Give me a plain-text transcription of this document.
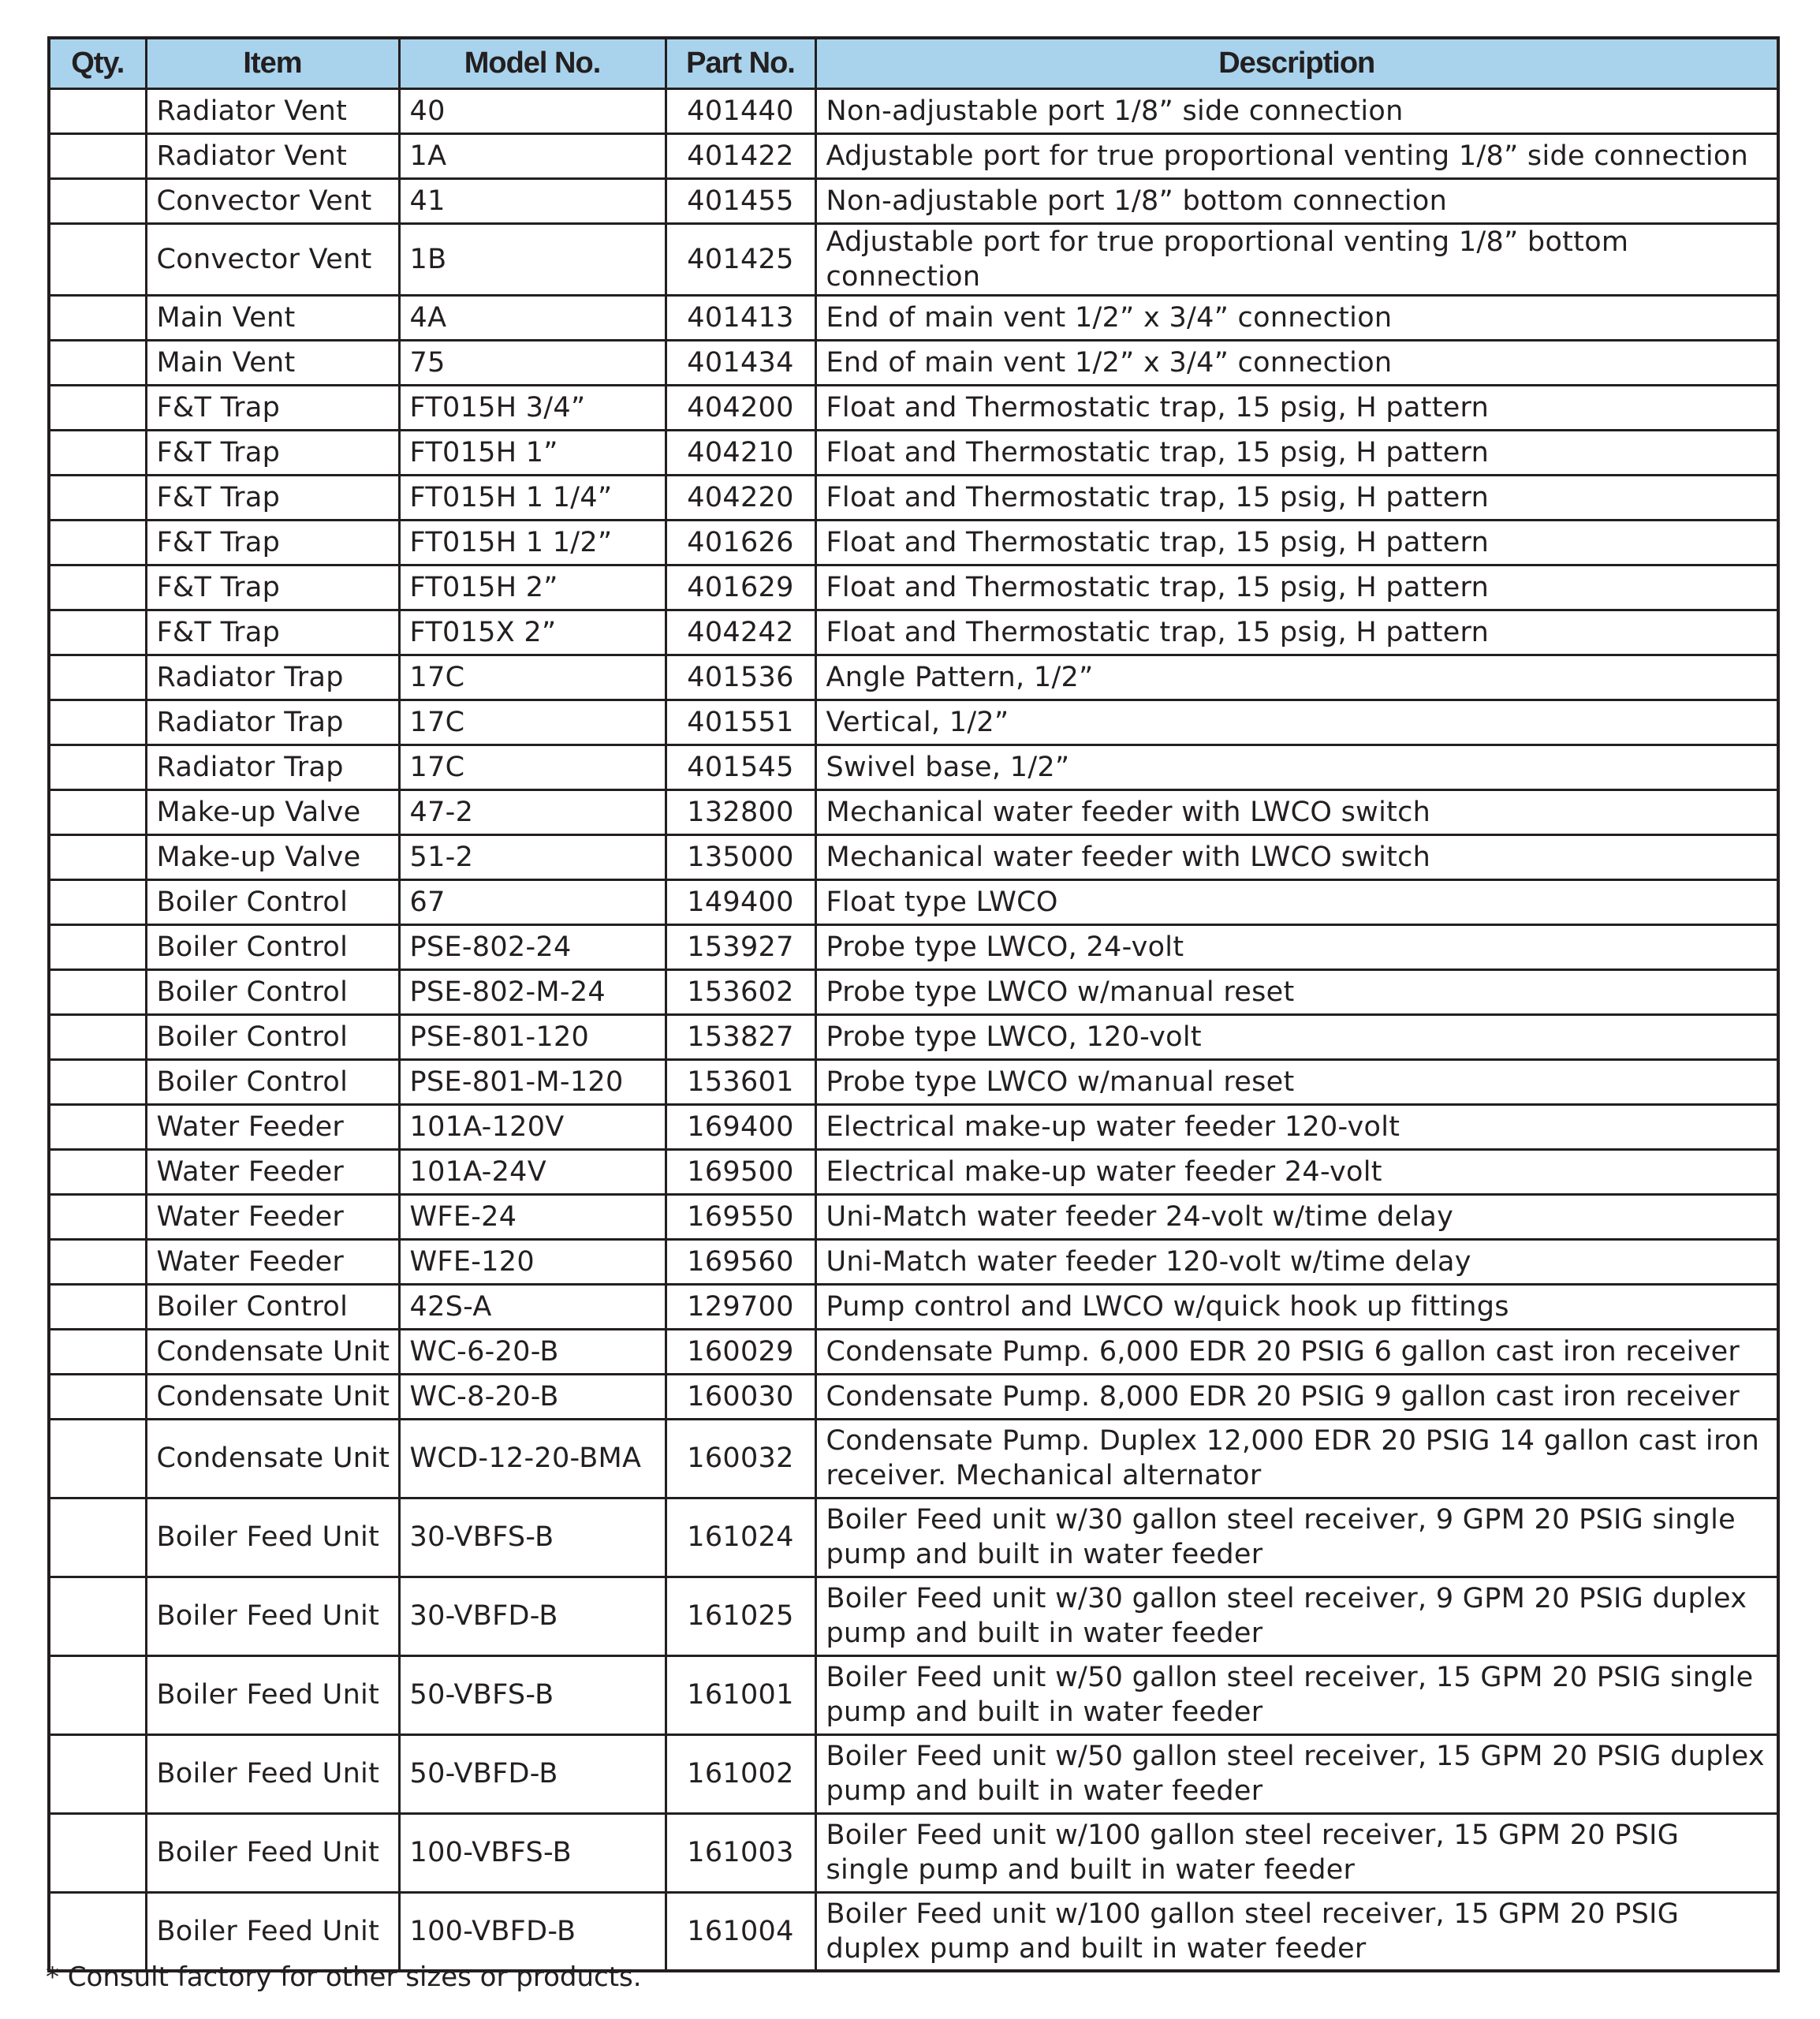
Qty.	Item	Model No.	Part No.	Description
	Radiator Vent	40	401440	Non-adjustable port 1/8” side connection
	Radiator Vent	1A	401422	Adjustable port for true proportional venting 1/8” side connection
	Convector Vent	41	401455	Non-adjustable port 1/8” bottom connection
	Convector Vent	1B	401425	Adjustable port for true proportional venting 1/8” bottom connection
	Main Vent	4A	401413	End of main vent 1/2” x 3/4” connection
	Main Vent	75	401434	End of main vent 1/2” x 3/4” connection
	F&T Trap	FT015H 3/4”	404200	Float and Thermostatic trap, 15 psig, H pattern
	F&T Trap	FT015H 1”	404210	Float and Thermostatic trap, 15 psig, H pattern
	F&T Trap	FT015H 1 1/4”	404220	Float and Thermostatic trap, 15 psig, H pattern
	F&T Trap	FT015H 1 1/2”	401626	Float and Thermostatic trap, 15 psig, H pattern
	F&T Trap	FT015H 2”	401629	Float and Thermostatic trap, 15 psig, H pattern
	F&T Trap	FT015X 2”	404242	Float and Thermostatic trap, 15 psig, H pattern
	Radiator Trap	17C	401536	Angle Pattern, 1/2”
	Radiator Trap	17C	401551	Vertical, 1/2”
	Radiator Trap	17C	401545	Swivel base, 1/2”
	Make-up Valve	47-2	132800	Mechanical water feeder with LWCO switch
	Make-up Valve	51-2	135000	Mechanical water feeder with LWCO switch
	Boiler Control	67	149400	Float type LWCO
	Boiler Control	PSE-802-24	153927	Probe type LWCO, 24-volt
	Boiler Control	PSE-802-M-24	153602	Probe type LWCO w/manual reset
	Boiler Control	PSE-801-120	153827	Probe type LWCO, 120-volt
	Boiler Control	PSE-801-M-120	153601	Probe type LWCO w/manual reset
	Water Feeder	101A-120V	169400	Electrical make-up water feeder 120-volt
	Water Feeder	101A-24V	169500	Electrical make-up water feeder 24-volt
	Water Feeder	WFE-24	169550	Uni-Match water feeder 24-volt w/time delay
	Water Feeder	WFE-120	169560	Uni-Match water feeder 120-volt w/time delay
	Boiler Control	42S-A	129700	Pump control and LWCO w/quick hook up fittings
	Condensate Unit	WC-6-20-B	160029	Condensate Pump. 6,000 EDR 20 PSIG 6 gallon cast iron receiver
	Condensate Unit	WC-8-20-B	160030	Condensate Pump. 8,000 EDR 20 PSIG 9 gallon cast iron receiver
	Condensate Unit	WCD-12-20-BMA	160032	Condensate Pump. Duplex 12,000 EDR 20 PSIG 14 gallon cast iron receiver. Mechanical alternator
	Boiler Feed Unit	30-VBFS-B	161024	Boiler Feed unit w/30 gallon steel receiver, 9 GPM 20 PSIG single pump and built in water feeder
	Boiler Feed Unit	30-VBFD-B	161025	Boiler Feed unit w/30 gallon steel receiver, 9 GPM 20 PSIG duplex pump and built in water feeder
	Boiler Feed Unit	50-VBFS-B	161001	Boiler Feed unit w/50 gallon steel receiver, 15 GPM 20 PSIG single pump and built in water feeder
	Boiler Feed Unit	50-VBFD-B	161002	Boiler Feed unit w/50 gallon steel receiver, 15 GPM 20 PSIG duplex pump and built in water feeder
	Boiler Feed Unit	100-VBFS-B	161003	Boiler Feed unit w/100 gallon steel receiver, 15 GPM 20 PSIG single pump and built in water feeder
	Boiler Feed Unit	100-VBFD-B	161004	Boiler Feed unit w/100 gallon steel receiver, 15 GPM 20 PSIG duplex pump and built in water feeder
* Consult factory for other sizes or products.
